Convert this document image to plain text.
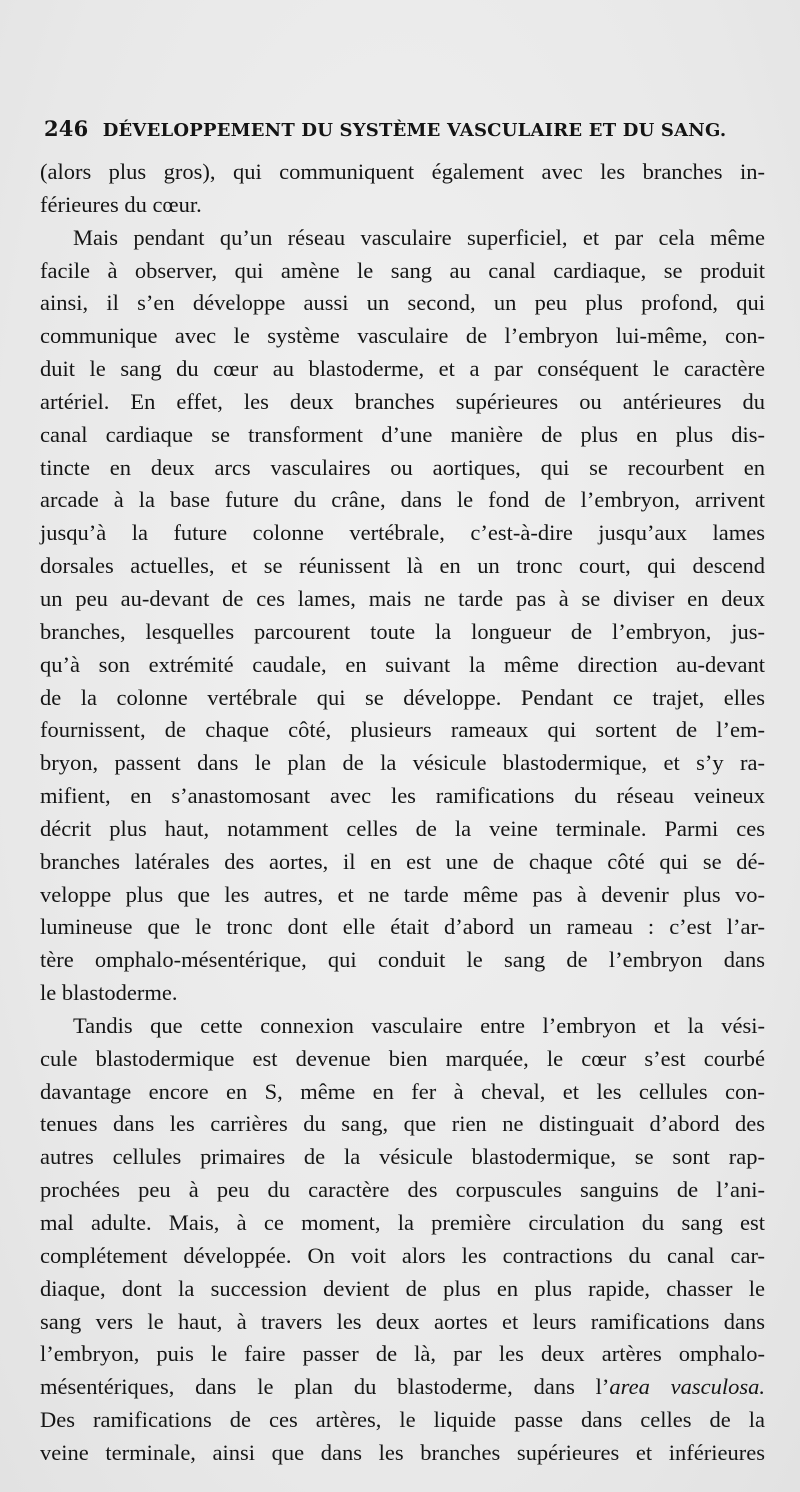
246 DÉVELOPPEMENT DU SYSTÈME VASCULAIRE ET DU SANG.
(alors plus gros), qui communiquent également avec les branches in-
férieures du cœur.
Mais pendant qu’un réseau vasculaire superficiel, et par cela même
facile à observer, qui amène le sang au canal cardiaque, se produit
ainsi, il s’en développe aussi un second, un peu plus profond, qui
communique avec le système vasculaire de l’embryon lui-même, con-
duit le sang du cœur au blastoderme, et a par conséquent le caractère
artériel. En effet, les deux branches supérieures ou antérieures du
canal cardiaque se transforment d’une manière de plus en plus dis-
tincte en deux arcs vasculaires ou aortiques, qui se recourbent en
arcade à la base future du crâne, dans le fond de l’embryon, arrivent
jusqu’à la future colonne vertébrale, c’est-à-dire jusqu’aux lames
dorsales actuelles, et se réunissent là en un tronc court, qui descend
un peu au-devant de ces lames, mais ne tarde pas à se diviser en deux
branches, lesquelles parcourent toute la longueur de l’embryon, jus-
qu’à son extrémité caudale, en suivant la même direction au-devant
de la colonne vertébrale qui se développe. Pendant ce trajet, elles
fournissent, de chaque côté, plusieurs rameaux qui sortent de l’em-
bryon, passent dans le plan de la vésicule blastodermique, et s’y ra-
mifient, en s’anastomosant avec les ramifications du réseau veineux
décrit plus haut, notamment celles de la veine terminale. Parmi ces
branches latérales des aortes, il en est une de chaque côté qui se dé-
veloppe plus que les autres, et ne tarde même pas à devenir plus vo-
lumineuse que le tronc dont elle était d’abord un rameau : c’est l’ar-
tère omphalo-mésentérique, qui conduit le sang de l’embryon dans
le blastoderme.
Tandis que cette connexion vasculaire entre l’embryon et la vési-
cule blastodermique est devenue bien marquée, le cœur s’est courbé
davantage encore en S, même en fer à cheval, et les cellules con-
tenues dans les carrières du sang, que rien ne distinguait d’abord des
autres cellules primaires de la vésicule blastodermique, se sont rap-
prochées peu à peu du caractère des corpuscules sanguins de l’ani-
mal adulte. Mais, à ce moment, la première circulation du sang est
complétement développée. On voit alors les contractions du canal car-
diaque, dont la succession devient de plus en plus rapide, chasser le
sang vers le haut, à travers les deux aortes et leurs ramifications dans
l’embryon, puis le faire passer de là, par les deux artères omphalo-
mésentériques, dans le plan du blastoderme, dans l’area vasculosa.
Des ramifications de ces artères, le liquide passe dans celles de la
veine terminale, ainsi que dans les branches supérieures et inférieures
